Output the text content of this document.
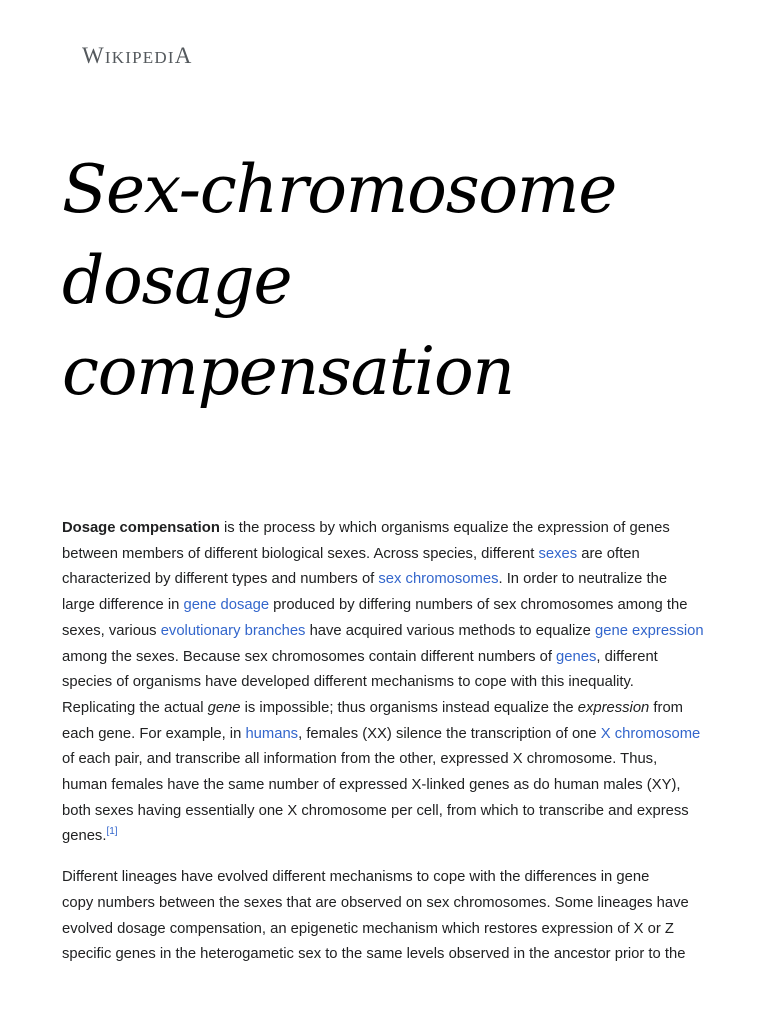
WIKIPEDIA
Sex-chromosome
dosage
compensation

Dosage compensation is the process by which organisms equalize the expression of genes
between members of different biological sexes. Across species, different sexes are often
characterized by different types and numbers of sex chromosomes. In order to neutralize the
large difference in gene dosage produced by differing numbers of sex chromosomes among the
sexes, various evolutionary branches have acquired various methods to equalize gene expression
among the sexes. Because sex chromosomes contain different numbers of genes, different
species of organisms have developed different mechanisms to cope with this inequality.
Replicating the actual gene is impossible; thus organisms instead equalize the expression from
each gene. For example, in humans, females (XX) silence the transcription of one X chromosome
of each pair, and transcribe all information from the other, expressed X chromosome. Thus,
human females have the same number of expressed X-linked genes as do human males (XY),
both sexes having essentially one X chromosome per cell, from which to transcribe and express
genes.[1]

Different lineages have evolved different mechanisms to cope with the differences in gene
copy numbers between the sexes that are observed on sex chromosomes. Some lineages have
evolved dosage compensation, an epigenetic mechanism which restores expression of X or Z
specific genes in the heterogametic sex to the same levels observed in the ancestor prior to the
